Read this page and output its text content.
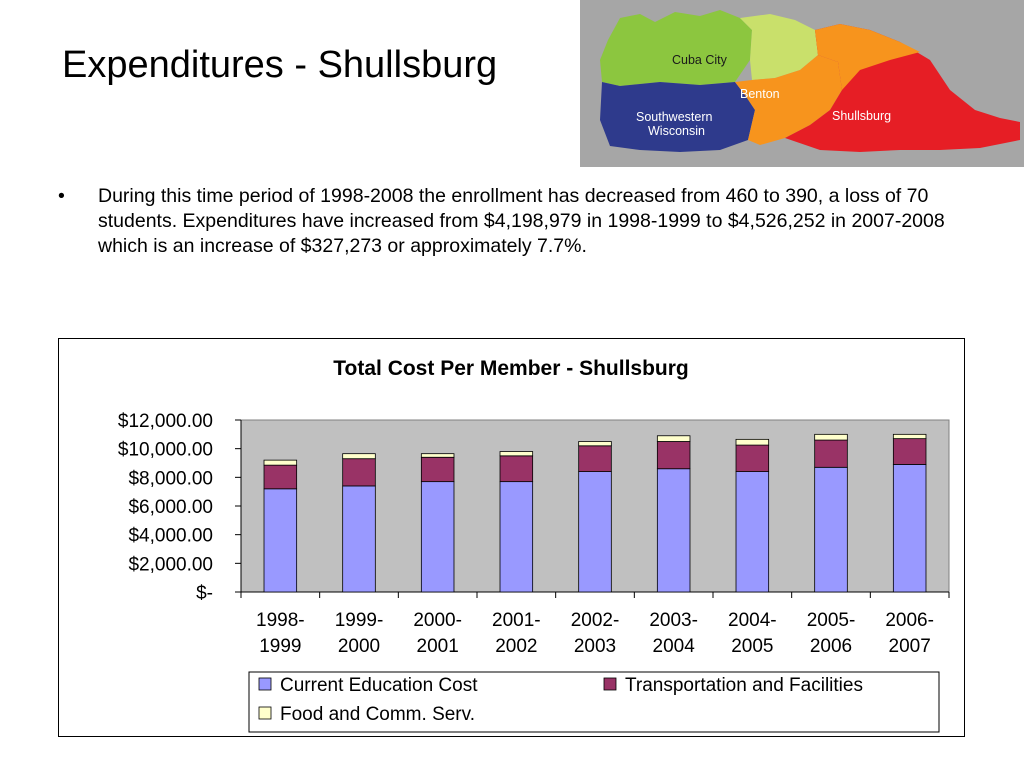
Expenditures - Shullsburg	Cuba City
Benton
Southwestern
Wisconsin
Shullsburg
• During this time period of 1998-2008 the enrollment has decreased from 460 to 390, a loss of 70 students. Expenditures have increased from $4,198,979 in 1998-1999 to $4,526,252 in 2007-2008 which is an increase of $327,273 or approximately 7.7%.
Total Cost Per Member - Shullsburg
$12,000.00
$10,000.00
$8,000.00
$6,000.00
$4,000.00
$2,000.00
$-
1998-
1999
1999-
2000
2000-
2001
2001-
2002
2002-
2003
2003-
2004
2004-
2005
2005-
2006
2006-
2007
Current Education Cost	Transportation and Facilities
Food and Comm. Serv.
